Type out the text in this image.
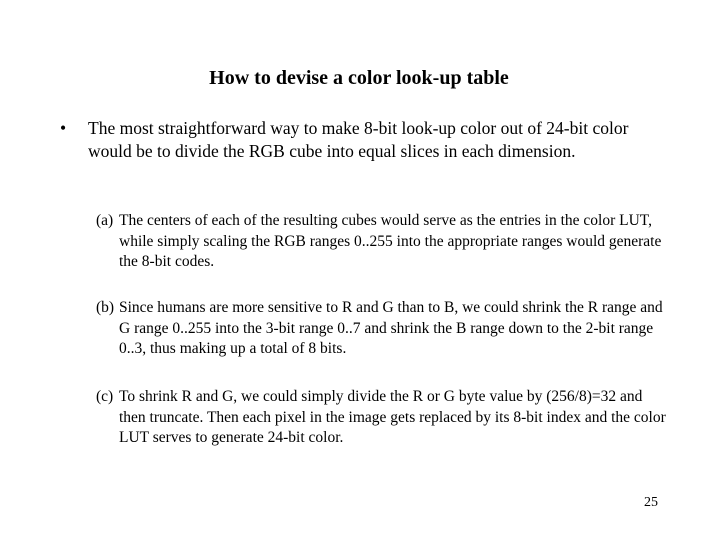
How to devise a color look-up table
• The most straightforward way to make 8-bit look-up color out of 24-bit color would be to divide the RGB cube into equal slices in each dimension.
(a) The centers of each of the resulting cubes would serve as the entries in the color LUT, while simply scaling the RGB ranges 0..255 into the appropriate ranges would generate the 8-bit codes.
(b) Since humans are more sensitive to R and G than to B, we could shrink the R range and G range 0..255 into the 3-bit range 0..7 and shrink the B range down to the 2-bit range 0..3, thus making up a total of 8 bits.
(c) To shrink R and G, we could simply divide the R or G byte value by (256/8)=32 and then truncate. Then each pixel in the image gets replaced by its 8-bit index and the color LUT serves to generate 24-bit color.
25
